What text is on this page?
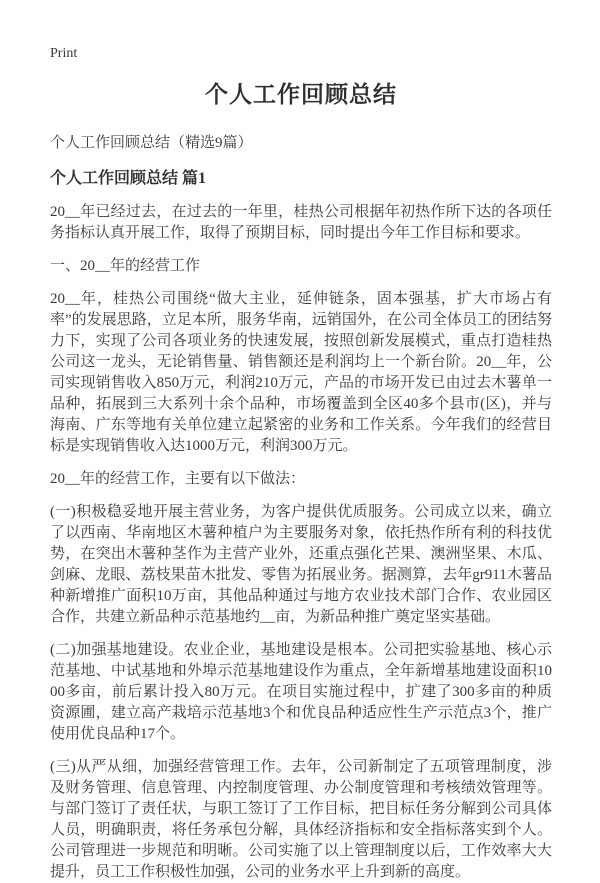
Print
个人工作回顾总结
个人工作回顾总结（精选9篇）
个人工作回顾总结 篇1

20__年已经过去，在过去的一年里，桂热公司根据年初热作所下达的各项任务指标认真开展工作，取得了预期目标，同时提出今年工作目标和要求。

一、20__年的经营工作

20__年，桂热公司围绕“做大主业，延伸链条，固本强基，扩大市场占有率”的发展思路，立足本所，服务华南，远销国外，在公司全体员工的团结努力下，实现了公司各项业务的快速发展，按照创新发展模式，重点打造桂热公司这一龙头，无论销售量、销售额还是利润均上一个新台阶。20__年，公司实现销售收入850万元，利润210万元，产品的市场开发已由过去木薯单一品种，拓展到三大系列十余个品种，市场覆盖到全区40多个县市(区)，并与海南、广东等地有关单位建立起紧密的业务和工作关系。今年我们的经营目标是实现销售收入达1000万元，利润300万元。

20__年的经营工作，主要有以下做法：

(一)积极稳妥地开展主营业务，为客户提供优质服务。公司成立以来，确立了以西南、华南地区木薯种植户为主要服务对象，依托热作所有利的科技优势，在突出木薯种茎作为主营产业外，还重点强化芒果、澳洲坚果、木瓜、剑麻、龙眼、荔枝果苗木批发、零售为拓展业务。据测算，去年gr911木薯品种新增推广面积10万亩，其他品种通过与地方农业技术部门合作、农业园区合作，共建立新品种示范基地约__亩，为新品种推广奠定坚实基础。

(二)加强基地建设。农业企业，基地建设是根本。公司把实验基地、核心示范基地、中试基地和外埠示范基地建设作为重点，全年新增基地建设面积1000多亩，前后累计投入80万元。在项目实施过程中，扩建了300多亩的种质资源圃，建立高产栽培示范基地3个和优良品种适应性生产示范点3个，推广使用优良品种17个。

(三)从严从细，加强经营管理工作。去年，公司新制定了五项管理制度，涉及财务管理、信息管理、内控制度管理、办公制度管理和考核绩效管理等。与部门签订了责任状，与职工签订了工作目标，把目标任务分解到公司具体人员，明确职责，将任务承包分解，具体经济指标和安全指标落实到个人。公司管理进一步规范和明晰。公司实施了以上管理制度以后，工作效率大大提升，员工工作积极性加强，公司的业务水平上升到新的高度。
